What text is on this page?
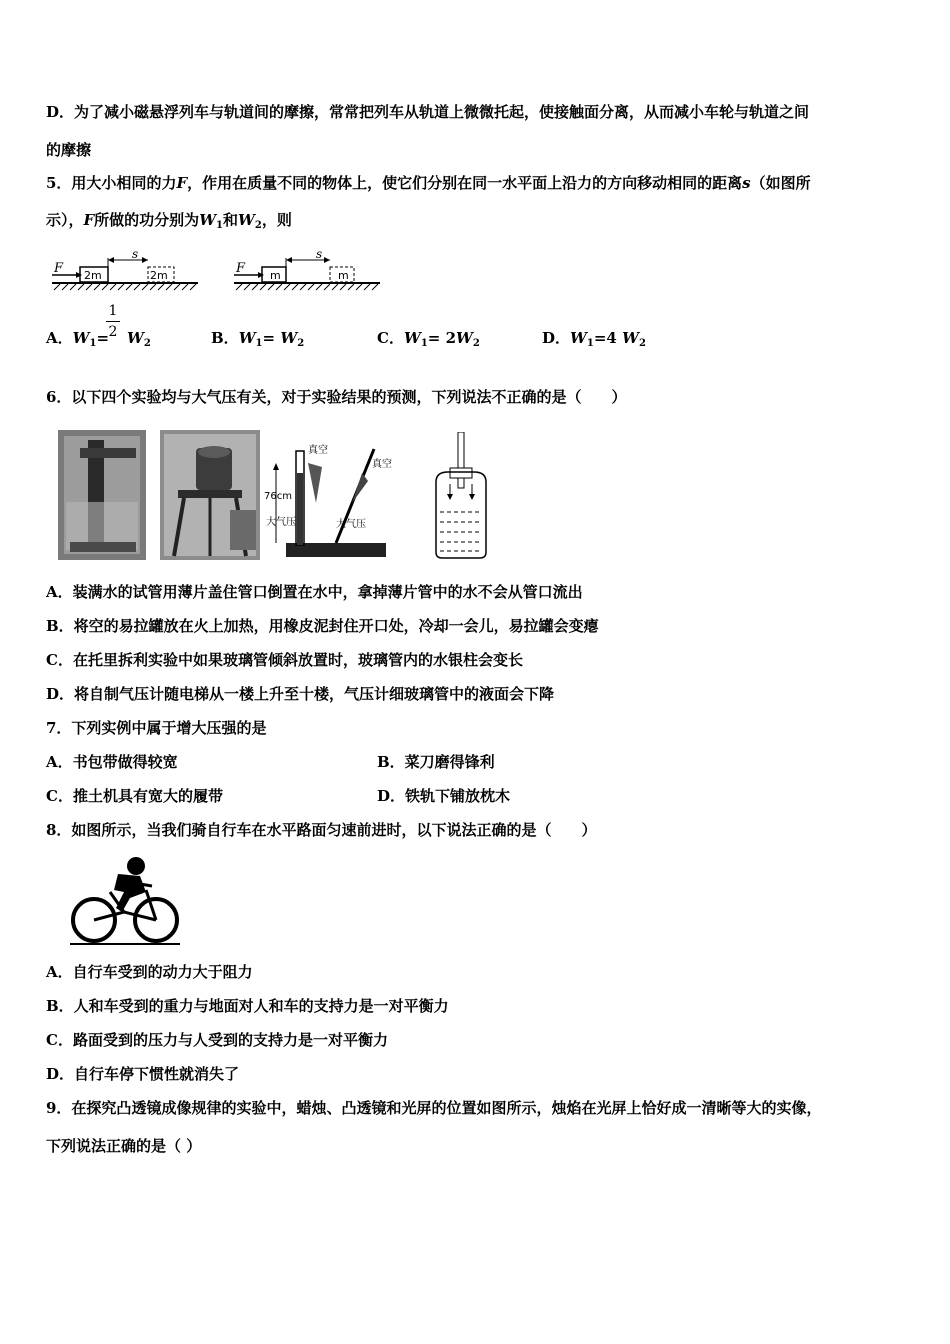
D．为了减小磁悬浮列车与轨道间的摩擦，常常把列车从轨道上微微托起，使接触面分离，从而减小车轮与轨道之间
的摩擦
5．用大小相同的力F，作用在质量不同的物体上，使它们分别在同一水平面上沿力的方向移动相同的距离s（如图所
示），F所做的功分别为$W_1$和$W_2$，则
F 2m
s
2m	F m
s
m
A．$W_1= W_2$
1
2	B．$W_1= W_2$	C．$W_1= 2W_2$	D．$W_1=4$ $W_2$
6．以下四个实验均与大气压有关，对于实验结果的预测，下列说法不正确的是（　　）
76cm
真空
大气压
真空
大气压
A．装满水的试管用薄片盖住管口倒置在水中，拿掉薄片管中的水不会从管口流出
B．将空的易拉罐放在火上加热，用橡皮泥封住开口处，冷却一会儿，易拉罐会变瘪
C．在托里拆利实验中如果玻璃管倾斜放置时，玻璃管内的水银柱会变长
D．将自制气压计随电梯从一楼上升至十楼，气压计细玻璃管中的液面会下降
7．下列实例中属于增大压强的是
A．书包带做得较宽	B．菜刀磨得锋利
C．推土机具有宽大的履带	D．铁轨下铺放枕木
8．如图所示，当我们骑自行车在水平路面匀速前进时，以下说法正确的是（　　）
A．自行车受到的动力大于阻力
B．人和车受到的重力与地面对人和车的支持力是一对平衡力
C．路面受到的压力与人受到的支持力是一对平衡力
D．自行车停下惯性就消失了
9．在探究凸透镜成像规律的实验中，蜡烛、凸透镜和光屏的位置如图所示，烛焰在光屏上恰好成一清晰等大的实像，
下列说法正确的是（ ）
